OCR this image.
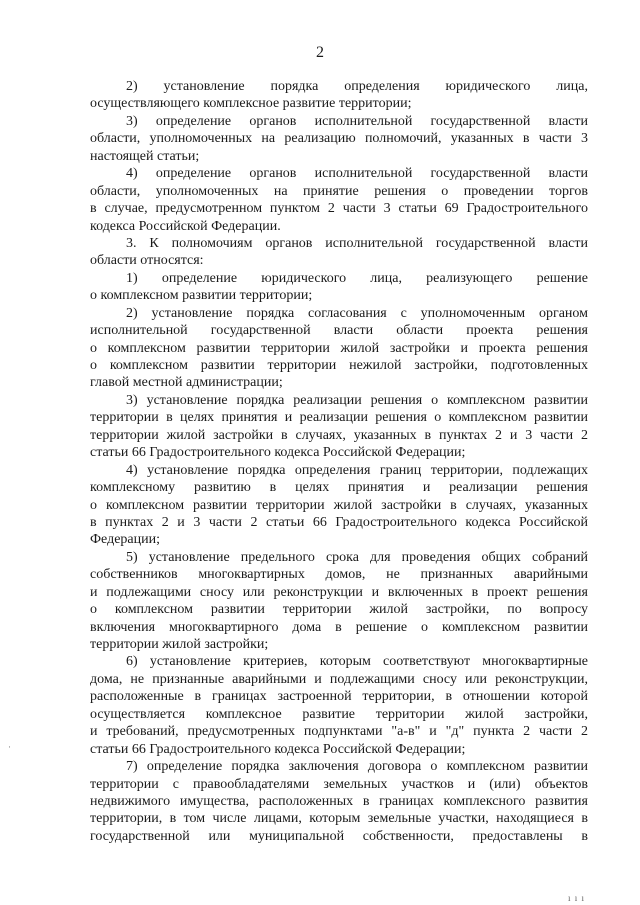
2
2) установление порядка определения юридического лица,
осуществляющего комплексное развитие территории;
3) определение органов исполнительной государственной власти
области, уполномоченных на реализацию полномочий, указанных в части 3
настоящей статьи;
4) определение органов исполнительной государственной власти
области, уполномоченных на принятие решения о проведении торгов
в случае, предусмотренном пунктом 2 части 3 статьи 69 Градостроительного
кодекса Российской Федерации.
3. К полномочиям органов исполнительной государственной власти
области относятся:
1) определение юридического лица, реализующего решение
о комплексном развитии территории;
2) установление порядка согласования с уполномоченным органом
исполнительной государственной власти области проекта решения
о комплексном развитии территории жилой застройки и проекта решения
о комплексном развитии территории нежилой застройки, подготовленных
главой местной администрации;
3) установление порядка реализации решения о комплексном развитии
территории в целях принятия и реализации решения о комплексном развитии
территории жилой застройки в случаях, указанных в пунктах 2 и 3 части 2
статьи 66 Градостроительного кодекса Российской Федерации;
4) установление порядка определения границ территории, подлежащих
комплексному развитию в целях принятия и реализации решения
о комплексном развитии территории жилой застройки в случаях, указанных
в пунктах 2 и 3 части 2 статьи 66 Градостроительного кодекса Российской
Федерации;
5) установление предельного срока для проведения общих собраний
собственников многоквартирных домов, не признанных аварийными
и подлежащими сносу или реконструкции и включенных в проект решения
о комплексном развитии территории жилой застройки, по вопросу
включения многоквартирного дома в решение о комплексном развитии
территории жилой застройки;
6) установление критериев, которым соответствуют многоквартирные
дома, не признанные аварийными и подлежащими сносу или реконструкции,
расположенные в границах застроенной территории, в отношении которой
осуществляется комплексное развитие территории жилой застройки,
и требований, предусмотренных подпунктами "а-в" и "д" пункта 2 части 2
статьи 66 Градостроительного кодекса Российской Федерации;
7) определение порядка заключения договора о комплексном развитии
территории с правообладателями земельных участков и (или) объектов
недвижимого имущества, расположенных в границах комплексного развития
территории, в том числе лицами, которым земельные участки, находящиеся в
государственной или муниципальной собственности, предоставлены в
·
ı ı ı
